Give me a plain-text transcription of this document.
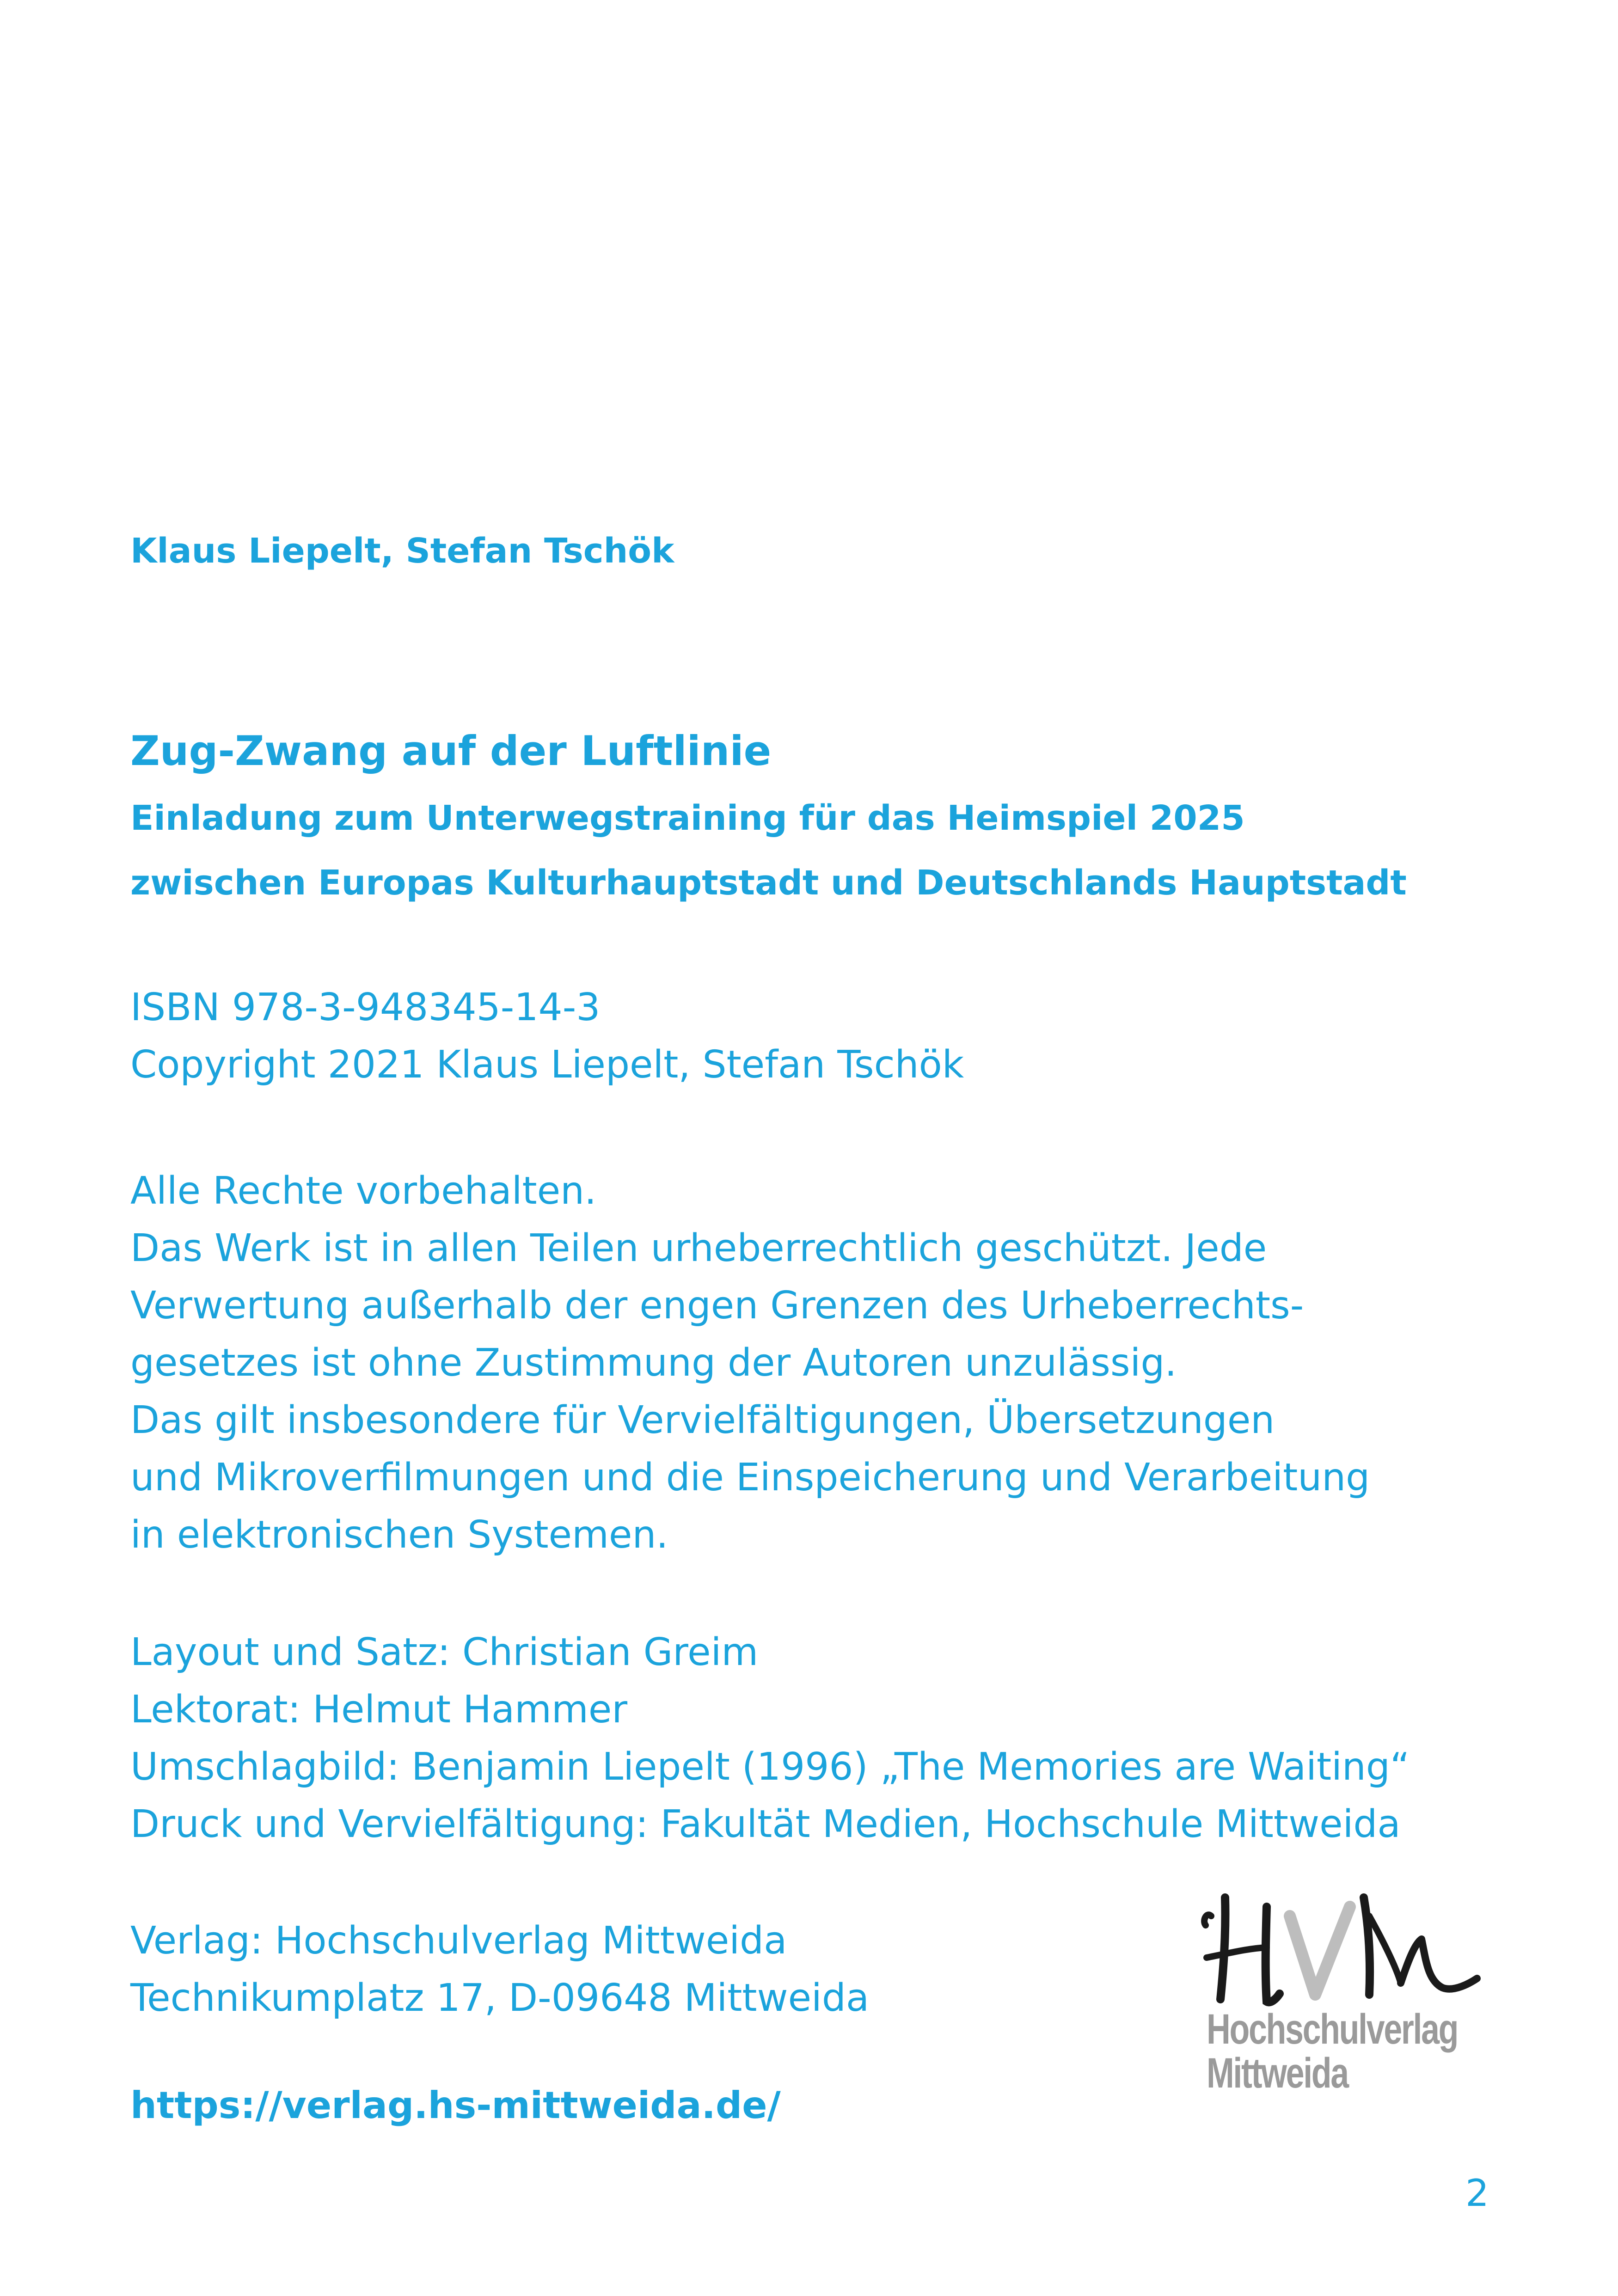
Klaus Liepelt, Stefan Tschök
Zug-Zwang auf der Luftlinie
Einladung zum Unterwegstraining für das Heimspiel 2025
zwischen Europas Kulturhauptstadt und Deutschlands Hauptstadt
ISBN 978-3-948345-14-3
Copyright 2021 Klaus Liepelt, Stefan Tschök
Alle Rechte vorbehalten.
Das Werk ist in allen Teilen urheberrechtlich geschützt. Jede
Verwertung außerhalb der engen Grenzen des Urheberrechts-
gesetzes ist ohne Zustimmung der Autoren unzulässig.
Das gilt insbesondere für Vervielfältigungen, Übersetzungen
und Mikroverfilmungen und die Einspeicherung und Verarbeitung
in elektronischen Systemen.
Layout und Satz: Christian Greim
Lektorat: Helmut Hammer
Umschlagbild: Benjamin Liepelt (1996) „The Memories are Waiting“
Druck und Vervielfältigung: Fakultät Medien, Hochschule Mittweida
Verlag: Hochschulverlag Mittweida
Technikumplatz 17, D-09648 Mittweida
https://verlag.hs-mittweida.de/
Hochschulverlag
Mittweida
2
